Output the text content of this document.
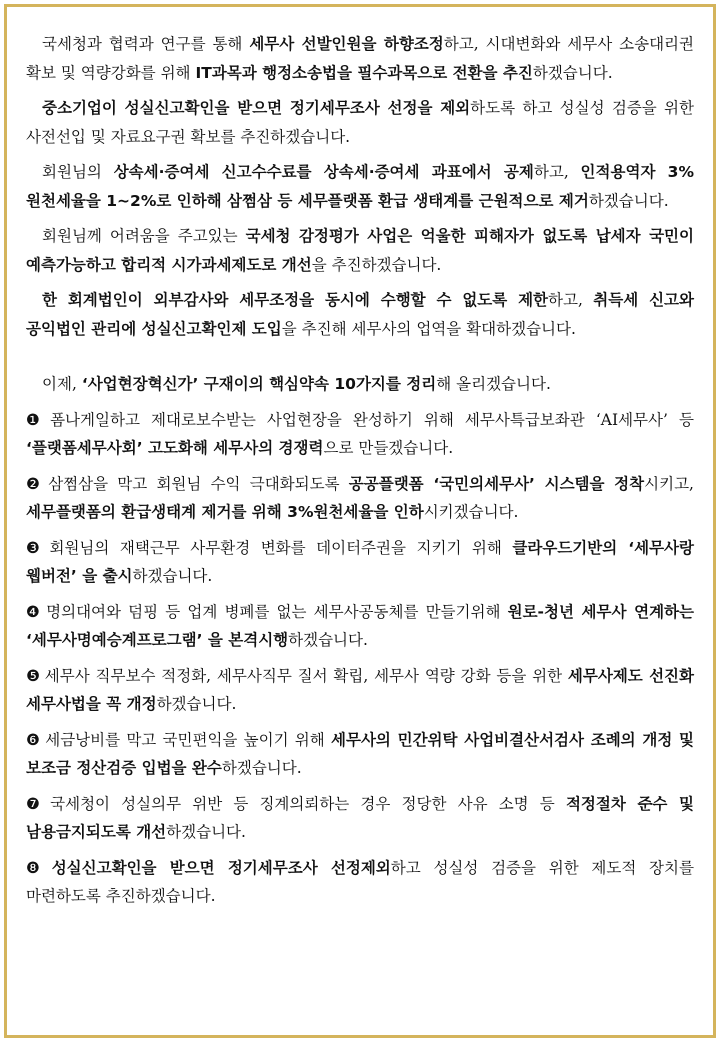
국세청과 협력과 연구를 통해 세무사 선발인원을 하향조정하고, 시대변화와 세무사 소송대리권 확보 및 역량강화를 위해 IT과목과 행정소송법을 필수과목으로 전환을 추진하겠습니다.

중소기업이 성실신고확인을 받으면 정기세무조사 선정을 제외하도록 하고 성실성 검증을 위한 사전선입 및 자료요구권 확보를 추진하겠습니다.

회원님의 상속세·증여세 신고수수료를 상속세·증여세 과표에서 공제하고, 인적용역자 3%원천세율을 1~2%로 인하해 삼쩜삼 등 세무플랫폼 환급 생태계를 근원적으로 제거하겠습니다.

회원님께 어려움을 주고있는 국세청 감정평가 사업은 억울한 피해자가 없도록 납세자 국민이 예측가능하고 합리적 시가과세제도로 개선을 추진하겠습니다.

한 회계법인이 외부감사와 세무조정을 동시에 수행할 수 없도록 제한하고, 취득세 신고와 공익법인 관리에 성실신고확인제 도입을 추진해 세무사의 업역을 확대하겠습니다.

이제, ‘사업현장혁신가’ 구재이의 핵심약속 10가지를 정리해 올리겠습니다.

❶ 폼나게일하고 제대로보수받는 사업현장을 완성하기 위해 세무사특급보좌관 ‘AI세무사’ 등 ‘플랫폼세무사회’ 고도화해 세무사의 경쟁력으로 만들겠습니다.

❷ 삼쩜삼을 막고 회원님 수익 극대화되도록 공공플랫폼 ‘국민의세무사’ 시스템을 정착시키고, 세무플랫폼의 환급생태계 제거를 위해 3%원천세율을 인하시키겠습니다.

❸ 회원님의 재택근무 사무환경 변화를 데이터주권을 지키기 위해 클라우드기반의 ‘세무사랑 웹버전’ 을 출시하겠습니다.

❹ 명의대여와 덤핑 등 업계 병폐를 없는 세무사공동체를 만들기위해 원로-청년 세무사 연계하는 ‘세무사명예승계프로그램’ 을 본격시행하겠습니다.

❺ 세무사 직무보수 적정화, 세무사직무 질서 확립, 세무사 역량 강화 등을 위한 세무사제도 선진화 세무사법을 꼭 개정하겠습니다.

❻ 세금낭비를 막고 국민편익을 높이기 위해 세무사의 민간위탁 사업비결산서검사 조례의 개정 및 보조금 정산검증 입법을 완수하겠습니다.

❼ 국세청이 성실의무 위반 등 징계의뢰하는 경우 정당한 사유 소명 등 적정절차 준수 및 남용금지되도록 개선하겠습니다.

❽ 성실신고확인을 받으면 정기세무조사 선정제외하고 성실성 검증을 위한 제도적 장치를 마련하도록 추진하겠습니다.
